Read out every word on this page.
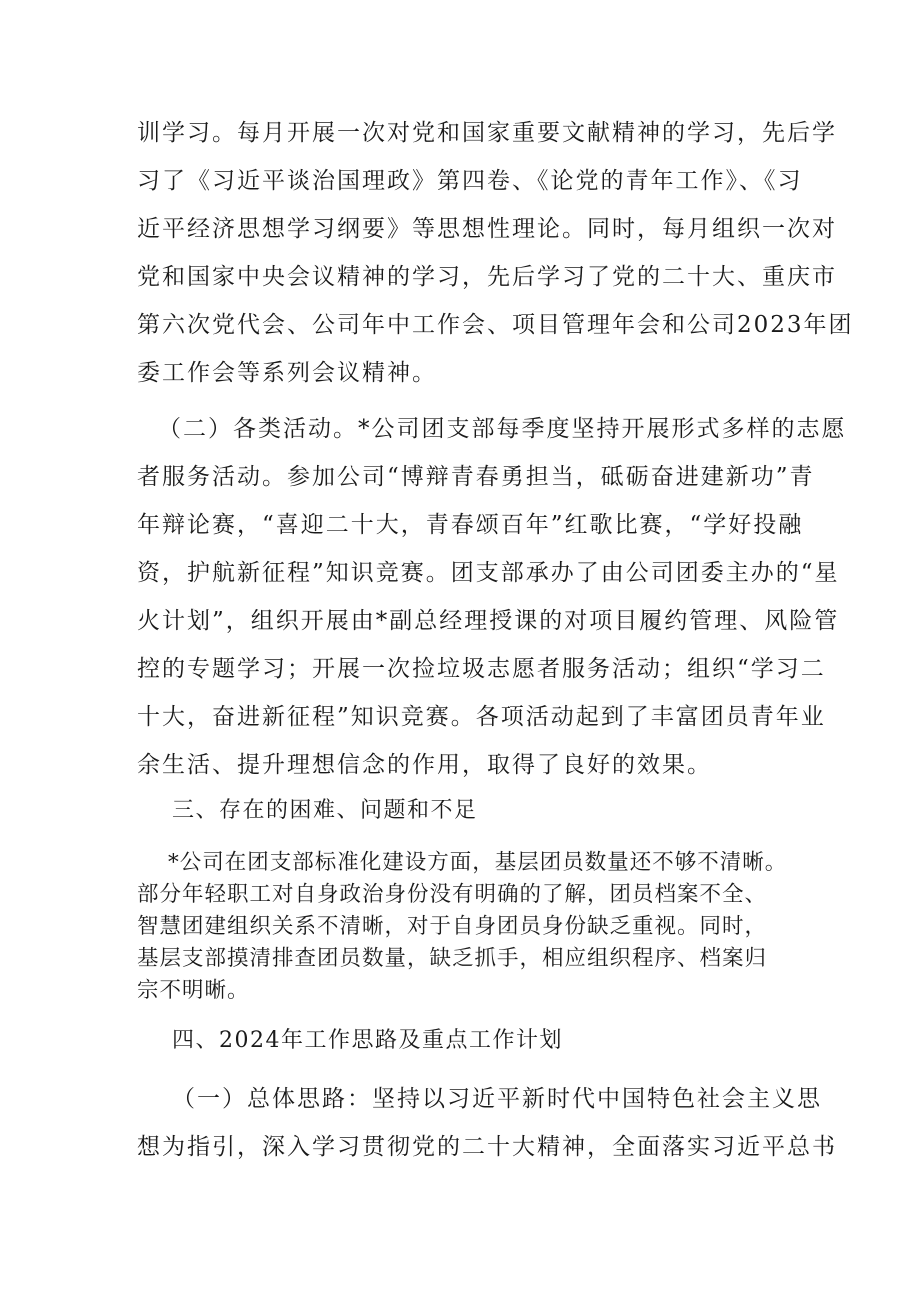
训学习。每月开展一次对党和国家重要文献精神的学习，先后学
习了《习近平谈治国理政》第四卷、《论党的青年工作》、《习
近平经济思想学习纲要》等思想性理论。同时，每月组织一次对
党和国家中央会议精神的学习，先后学习了党的二十大、重庆市
第六次党代会、公司年中工作会、项目管理年会和公司2023年团
委工作会等系列会议精神。
（二）各类活动。*公司团支部每季度坚持开展形式多样的志愿
者服务活动。参加公司“博辩青春勇担当，砥砺奋进建新功”青
年辩论赛，“喜迎二十大，青春颂百年”红歌比赛，“学好投融
资，护航新征程”知识竞赛。团支部承办了由公司团委主办的“星
火计划”，组织开展由*副总经理授课的对项目履约管理、风险管
控的专题学习；开展一次捡垃圾志愿者服务活动；组织“学习二
十大，奋进新征程”知识竞赛。各项活动起到了丰富团员青年业
余生活、提升理想信念的作用，取得了良好的效果。
三、存在的困难、问题和不足
*公司在团支部标准化建设方面，基层团员数量还不够不清晰。
部分年轻职工对自身政治身份没有明确的了解，团员档案不全、
智慧团建组织关系不清晰，对于自身团员身份缺乏重视。同时，
基层支部摸清排查团员数量，缺乏抓手，相应组织程序、档案归
宗不明晰。
四、2024年工作思路及重点工作计划
（一）总体思路：坚持以习近平新时代中国特色社会主义思
想为指引，深入学习贯彻党的二十大精神，全面落实习近平总书
